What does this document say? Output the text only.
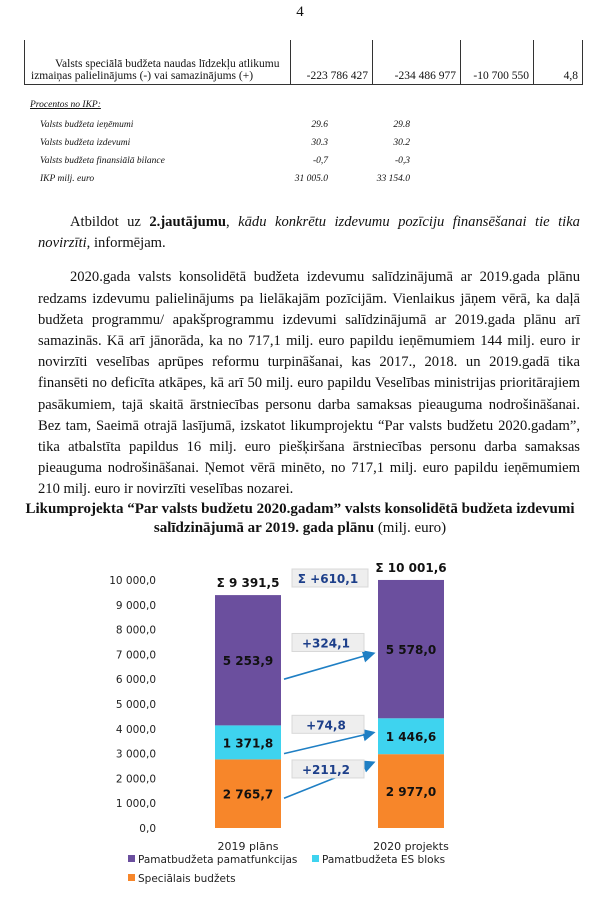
4
Valsts speciālā budžeta naudas līdzekļu atlikumu izmaiņas palielinājums (-) vai samazinājums (+)	-223 786 427	-234 486 977	-10 700 550	4,8
Procentos no IKP:
Valsts budžeta ieņēmumi	29.6	29.8
Valsts budžeta izdevumi	30.3	30.2
Valsts budžeta finansiālā bilance	-0,7	-0,3
IKP milj. euro	31 005.0	33 154.0

Atbildot uz 2.jautājumu, kādu konkrētu izdevumu pozīciju finansēšanai tie tika novirzīti, informējam.

2020.gada valsts konsolidētā budžeta izdevumu salīdzinājumā ar 2019.gada plānu redzams izdevumu palielinājums pa lielākajām pozīcijām. Vienlaikus jāņem vērā, ka daļā budžeta programmu/ apakšprogrammu izdevumi salīdzinājumā ar 2019.gada plānu arī samazinās. Kā arī jānorāda, ka no 717,1 milj. euro papildu ieņēmumiem 144 milj. euro ir novirzīti veselības aprūpes reformu turpināšanai, kas 2017., 2018. un 2019.gadā tika finansēti no deficīta atkāpes, kā arī 50 milj. euro papildu Veselības ministrijas prioritārajiem pasākumiem, tajā skaitā ārstniecības personu darba samaksas pieauguma nodrošināšanai. Bez tam, Saeimā otrajā lasījumā, izskatot likumprojektu “Par valsts budžetu 2020.gadam”, tika atbalstīta papildus 16 milj. euro piešķiršana ārstniecības personu darba samaksas pieauguma nodrošināšanai. Ņemot vērā minēto, no 717,1 milj. euro papildu ieņēmumiem 210 milj. euro ir novirzīti veselības nozarei.

Likumprojekta “Par valsts budžetu 2020.gadam” valsts konsolidētā budžeta izdevumi salīdzinājumā ar 2019. gada plānu (milj. euro)
0,0
1 000,0
2 000,0
3 000,0
4 000,0
5 000,0
6 000,0
7 000,0
8 000,0
9 000,0
10 000,0
2 765,7
1 371,8
5 253,9
Σ 9 391,5
2019 plāns
2 977,0
1 446,6
5 578,0
Σ 10 001,6
2020 projekts
+211,2
+74,8
+324,1
Σ +610,1
Pamatbudžeta pamatfunkcijas Pamatbudžeta ES bloks
Speciālais budžets
